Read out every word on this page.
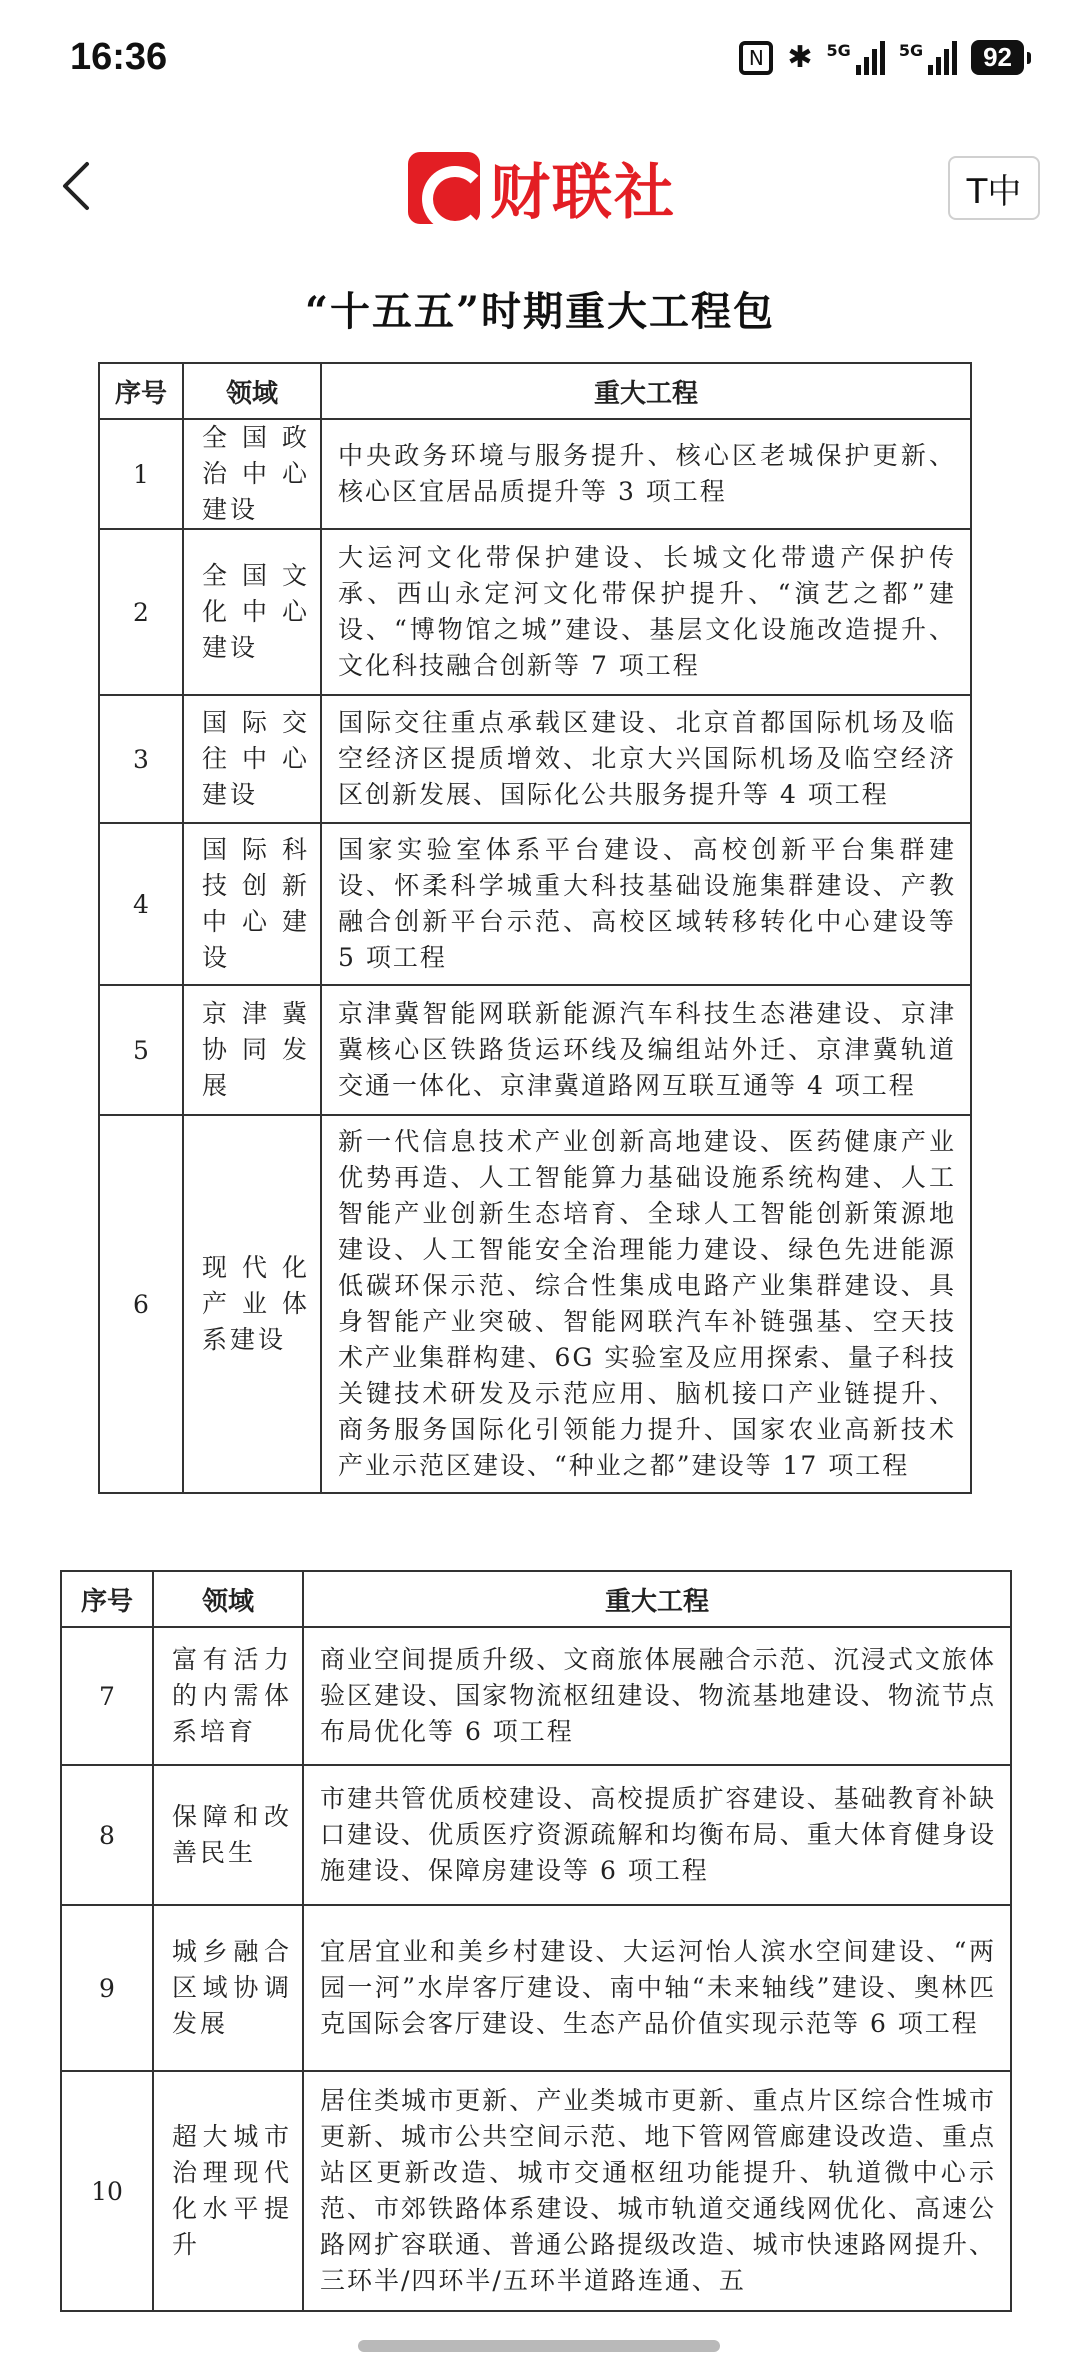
16:36	N ✱ 5G	5G	92
财联社	T中
“十五五”时期重大工程包
序号	领域	重大工程
1	全国政治中心建设	中央政务环境与服务提升、核心区老城保护更新、核心区宜居品质提升等 3 项工程
2	全国文化中心建设	大运河文化带保护建设、长城文化带遗产保护传承、西山永定河文化带保护提升、“演艺之都”建设、“博物馆之城”建设、基层文化设施改造提升、文化科技融合创新等 7 项工程
3	国际交往中心建设	国际交往重点承载区建设、北京首都国际机场及临空经济区提质增效、北京大兴国际机场及临空经济区创新发展、国际化公共服务提升等 4 项工程
4	国际科技创新中心建设	国家实验室体系平台建设、高校创新平台集群建设、怀柔科学城重大科技基础设施集群建设、产教融合创新平台示范、高校区域转移转化中心建设等 5 项工程
5	京津冀协同发展	京津冀智能网联新能源汽车科技生态港建设、京津冀核心区铁路货运环线及编组站外迁、京津冀轨道交通一体化、京津冀道路网互联互通等 4 项工程
6	现代化产业体系建设	新一代信息技术产业创新高地建设、医药健康产业优势再造、人工智能算力基础设施系统构建、人工智能产业创新生态培育、全球人工智能创新策源地建设、人工智能安全治理能力建设、绿色先进能源低碳环保示范、综合性集成电路产业集群建设、具身智能产业突破、智能网联汽车补链强基、空天技术产业集群构建、6G 实验室及应用探索、量子科技关键技术研发及示范应用、脑机接口产业链提升、商务服务国际化引领能力提升、国家农业高新技术产业示范区建设、“种业之都”建设等 17 项工程
序号	领域	重大工程
7	富有活力的内需体系培育	商业空间提质升级、文商旅体展融合示范、沉浸式文旅体验区建设、国家物流枢纽建设、物流基地建设、物流节点布局优化等 6 项工程
8	保障和改善民生	市建共管优质校建设、高校提质扩容建设、基础教育补缺口建设、优质医疗资源疏解和均衡布局、重大体育健身设施建设、保障房建设等 6 项工程
9	城乡融合区域协调发展	宜居宜业和美乡村建设、大运河怡人滨水空间建设、“两园一河”水岸客厅建设、南中轴“未来轴线”建设、奥林匹克国际会客厅建设、生态产品价值实现示范等 6 项工程
10	超大城市治理现代化水平提升	居住类城市更新、产业类城市更新、重点片区综合性城市更新、城市公共空间示范、地下管网管廊建设改造、重点站区更新改造、城市交通枢纽功能提升、轨道微中心示范、市郊铁路体系建设、城市轨道交通线网优化、高速公路网扩容联通、普通公路提级改造、城市快速路网提升、三环半/四环半/五环半道路连通、五
